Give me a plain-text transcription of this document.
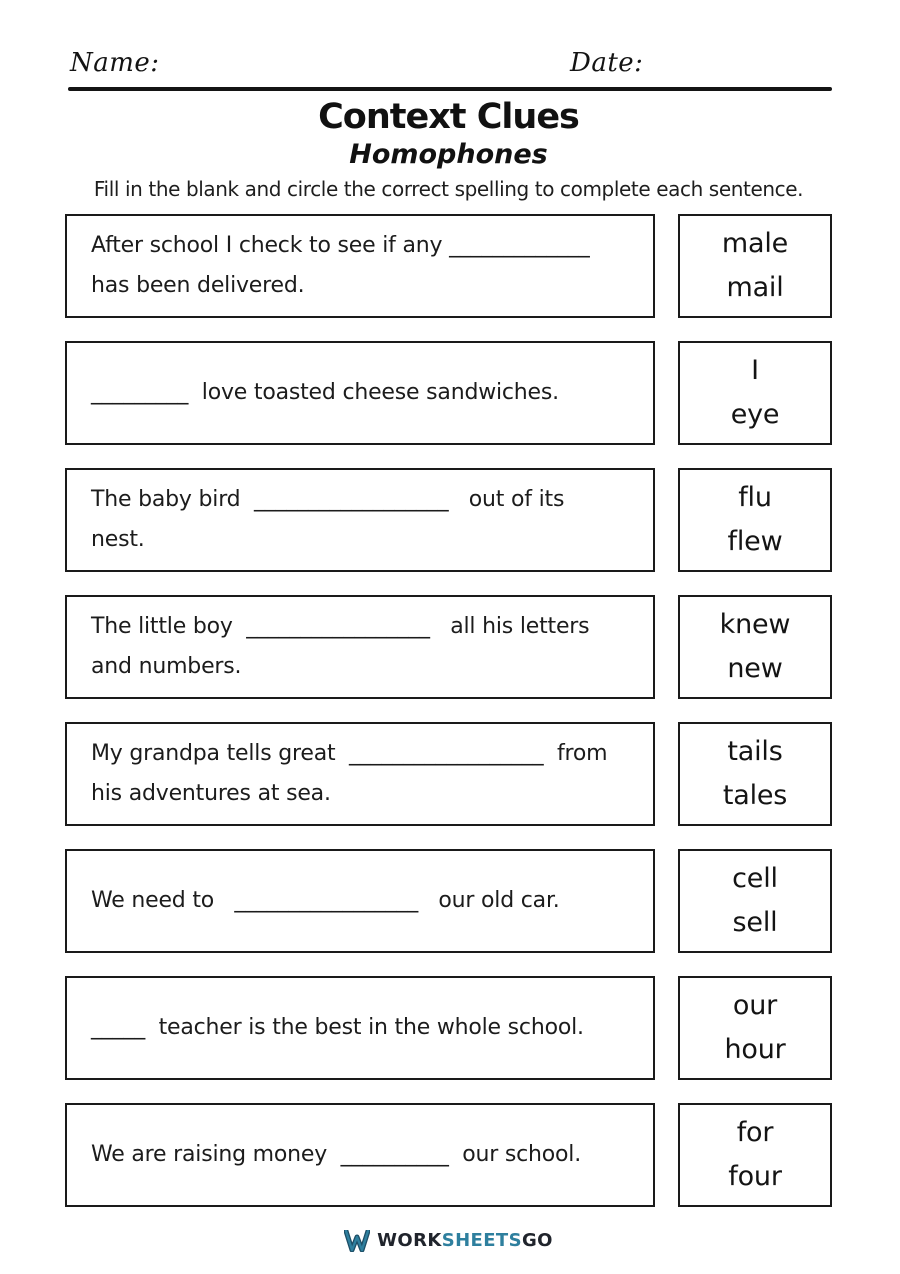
Name:	Date:
Context Clues
Homophones

Fill in the blank and circle the correct spelling to complete each sentence.

After school I check to see if any _____________
has been delivered.
male
mail
_________  love toasted cheese sandwiches.
I
eye
The baby bird  __________________   out of its
nest.
flu
flew
The little boy  _________________   all his letters
and numbers.
knew
new
My grandpa tells great  __________________  from
his adventures at sea.
tails
tales
We need to   _________________   our old car.
cell
sell
_____  teacher is the best in the whole school.
our
hour
We are raising money  __________  our school.
for
four
WORKSHEETSGO
